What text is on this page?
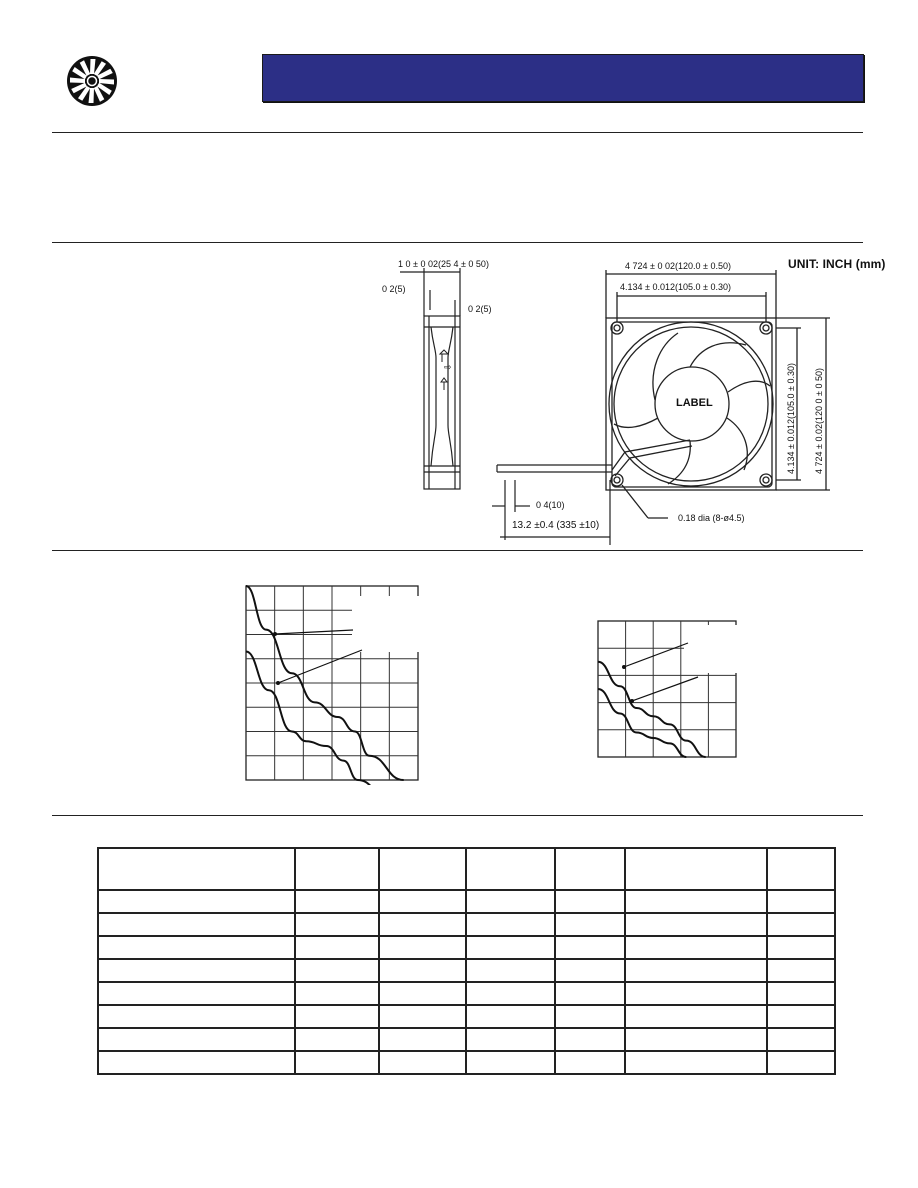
⇨
UNIT: INCH (mm)
1 0 ± 0 02(25 4 ± 0 50)
0 2(5)
0 2(5)
4 724 ± 0 02(120.0 ± 0.50)
4.134 ± 0.012(105.0 ± 0.30)
4.134 ± 0.012(105.0 ± 0.30) 4 724 ± 0.02(120 0 ± 0 50)
LABEL
0 4(10)
13.2 ±0.4 (335 ±10)
0.18 dia (8-ø4.5)
